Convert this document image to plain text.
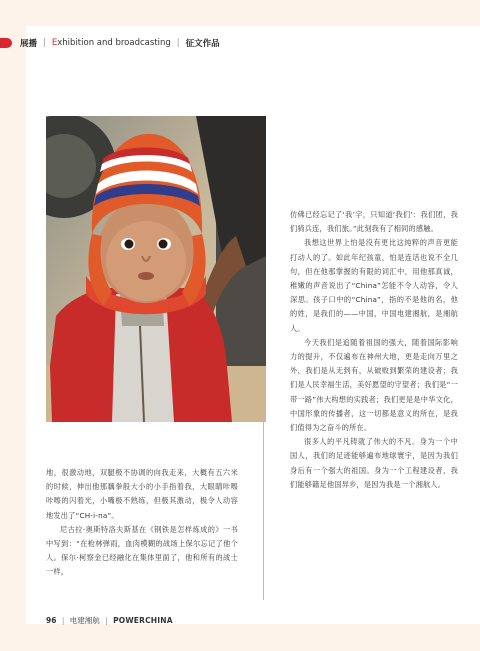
展播 | Exhibition and broadcasting | 征文作品

地，很激动地，双腿极不协调的向我走来，大概有五六米的时候，伸出他那藕拳般大小的小手指着我，大眼睛咔嚓咔嚓的闪着光，小嘴极不熟练，但极其激动，极令人动容地发出了“CH-i-na”。

尼古拉·奥斯特洛夫斯基在《钢铁是怎样炼成的》一书中写到：“在枪林弹雨，血肉模糊的战场上保尔忘记了他个人。保尔·柯察金已经融化在集体里面了，他和所有的战士一样，

仿佛已经忘记了‘我’字，只知道‘我们’：我们团，我们骑兵连，我们旅。”此刻我有了相同的感触。

我想这世界上怕是没有更比这纯粹的声音更能打动人的了。如此年纪孩童，怕是连话也说不全几句，但在他那掌握的有限的词汇中，用他那真诚，稚嫩的声音说出了“China”怎能不令人动容，令人深思。孩子口中的“China”，指的不是他的名，他的姓，是我们的——中国，中国电建湘航，是湘航人。

今天我们是追随着祖国的强大，随着国际影响力的提升，不仅遍布在神州大地，更是走向万里之外，我们是从无到有，从破败到繁荣的建设者；我们是人民幸福生活，美好愿望的守望者；我们是“一带一路”伟大构想的实践者；我们更是是中华文化，中国形象的传播者，这一切都是意义的所在，是我们值得为之奋斗的所在。

很多人的平凡铸就了伟大的不凡。身为一个中国人，我们的足迹能够遍布地球寰宇，是因为我们身后有一个强大的祖国。身为一个工程建设者，我们能够籍足他国异乡，是因为我是一个湘航人。

96 | 电建湘航 | POWERCHINA
